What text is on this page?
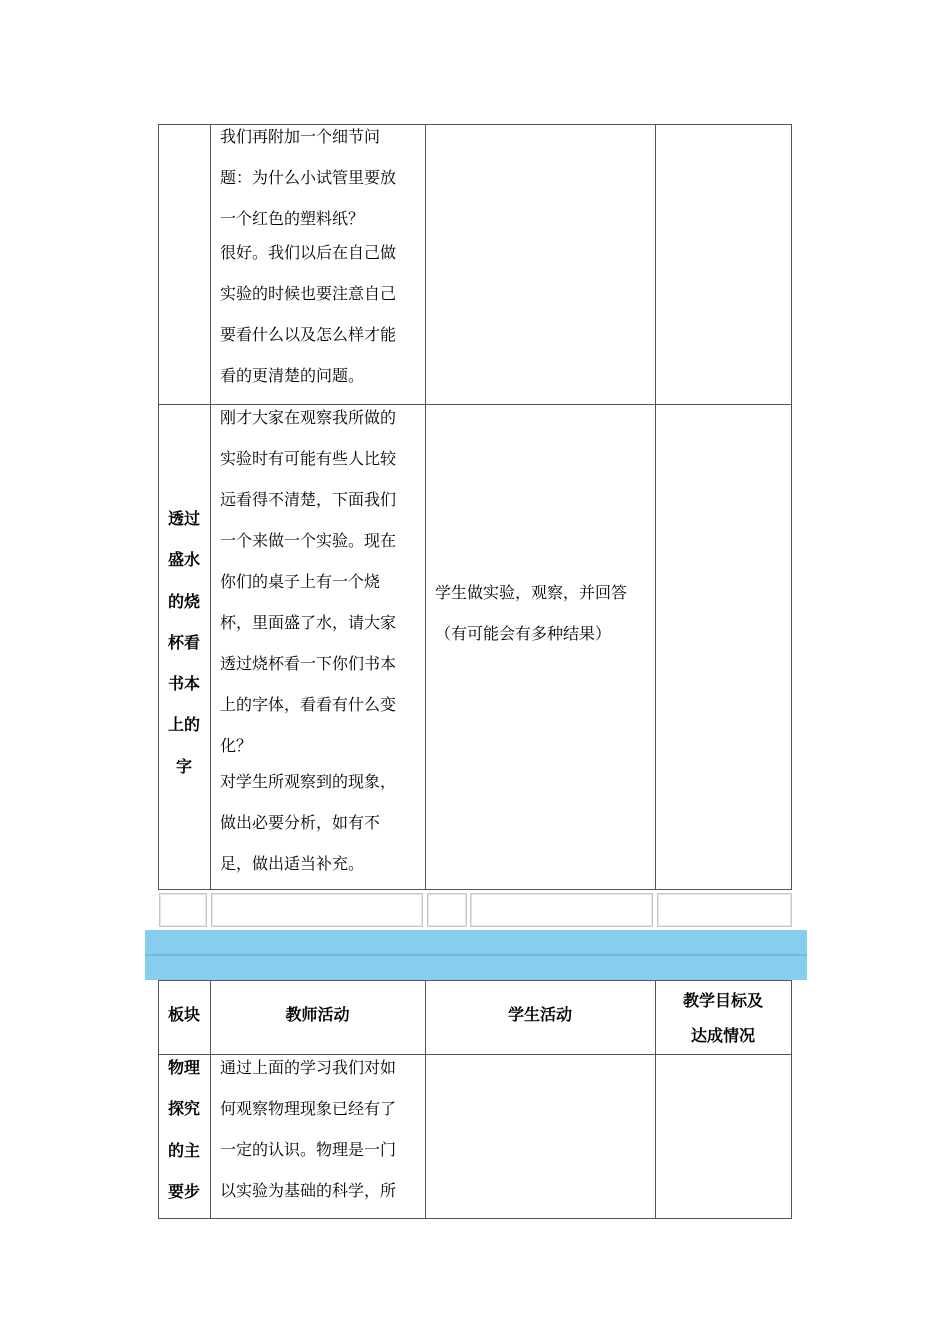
我们再附加一个细节问
题：为什么小试管里要放
一个红色的塑料纸？
很好。我们以后在自己做
实验的时候也要注意自己
要看什么以及怎么样才能
看的更清楚的问题。
透过
盛水
的烧
杯看
书本
上的
字
刚才大家在观察我所做的
实验时有可能有些人比较
远看得不清楚，下面我们
一个来做一个实验。现在
你们的桌子上有一个烧
杯，里面盛了水，请大家
透过烧杯看一下你们书本
上的字体，看看有什么变
化？
对学生所观察到的现象，
做出必要分析，如有不
足，做出适当补充。
学生做实验，观察，并回答
（有可能会有多种结果）
板块	教师活动	学生活动
教学目标及
达成情况
物理
探究
的主
要步
通过上面的学习我们对如
何观察物理现象已经有了
一定的认识。物理是一门
以实验为基础的科学，所
